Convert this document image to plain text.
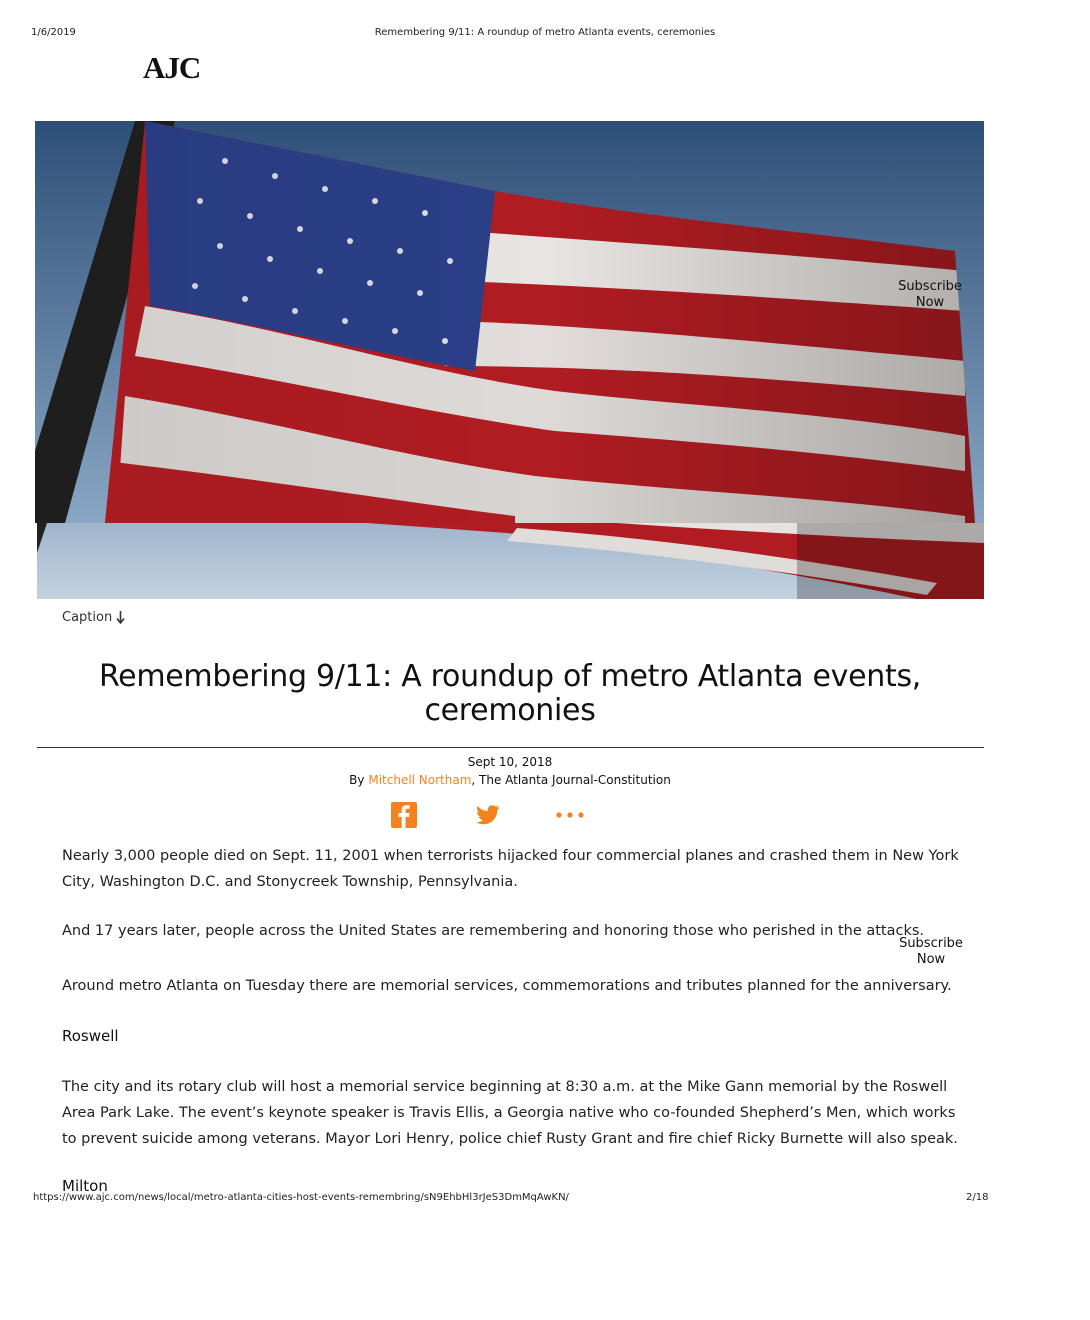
1/6/2019	Remembering 9/11: A roundup of metro Atlanta events, ceremonies
AJC
Subscribe
Now
Caption
Remembering 9/11: A roundup of metro Atlanta events,
ceremonies
Sept 10, 2018
By Mitchell Northam, The Atlanta Journal-Constitution

Nearly 3,000 people died on Sept. 11, 2001 when terrorists hijacked four commercial planes and crashed them in New York City, Washington D.C. and Stonycreek Township, Pennsylvania.

And 17 years later, people across the United States are remembering and honoring those who perished in the attacks.

Subscribe
Now

Around metro Atlanta on Tuesday there are memorial services, commemorations and tributes planned for the anniversary.

Roswell

The city and its rotary club will host a memorial service beginning at 8:30 a.m. at the Mike Gann memorial by the Roswell Area Park Lake. The event’s keynote speaker is Travis Ellis, a Georgia native who co-founded Shepherd’s Men, which works to prevent suicide among veterans. Mayor Lori Henry, police chief Rusty Grant and fire chief Ricky Burnette will also speak.

Milton
https://www.ajc.com/news/local/metro-atlanta-cities-host-events-remembring/sN9EhbHl3rJeS3DmMqAwKN/	2/18
